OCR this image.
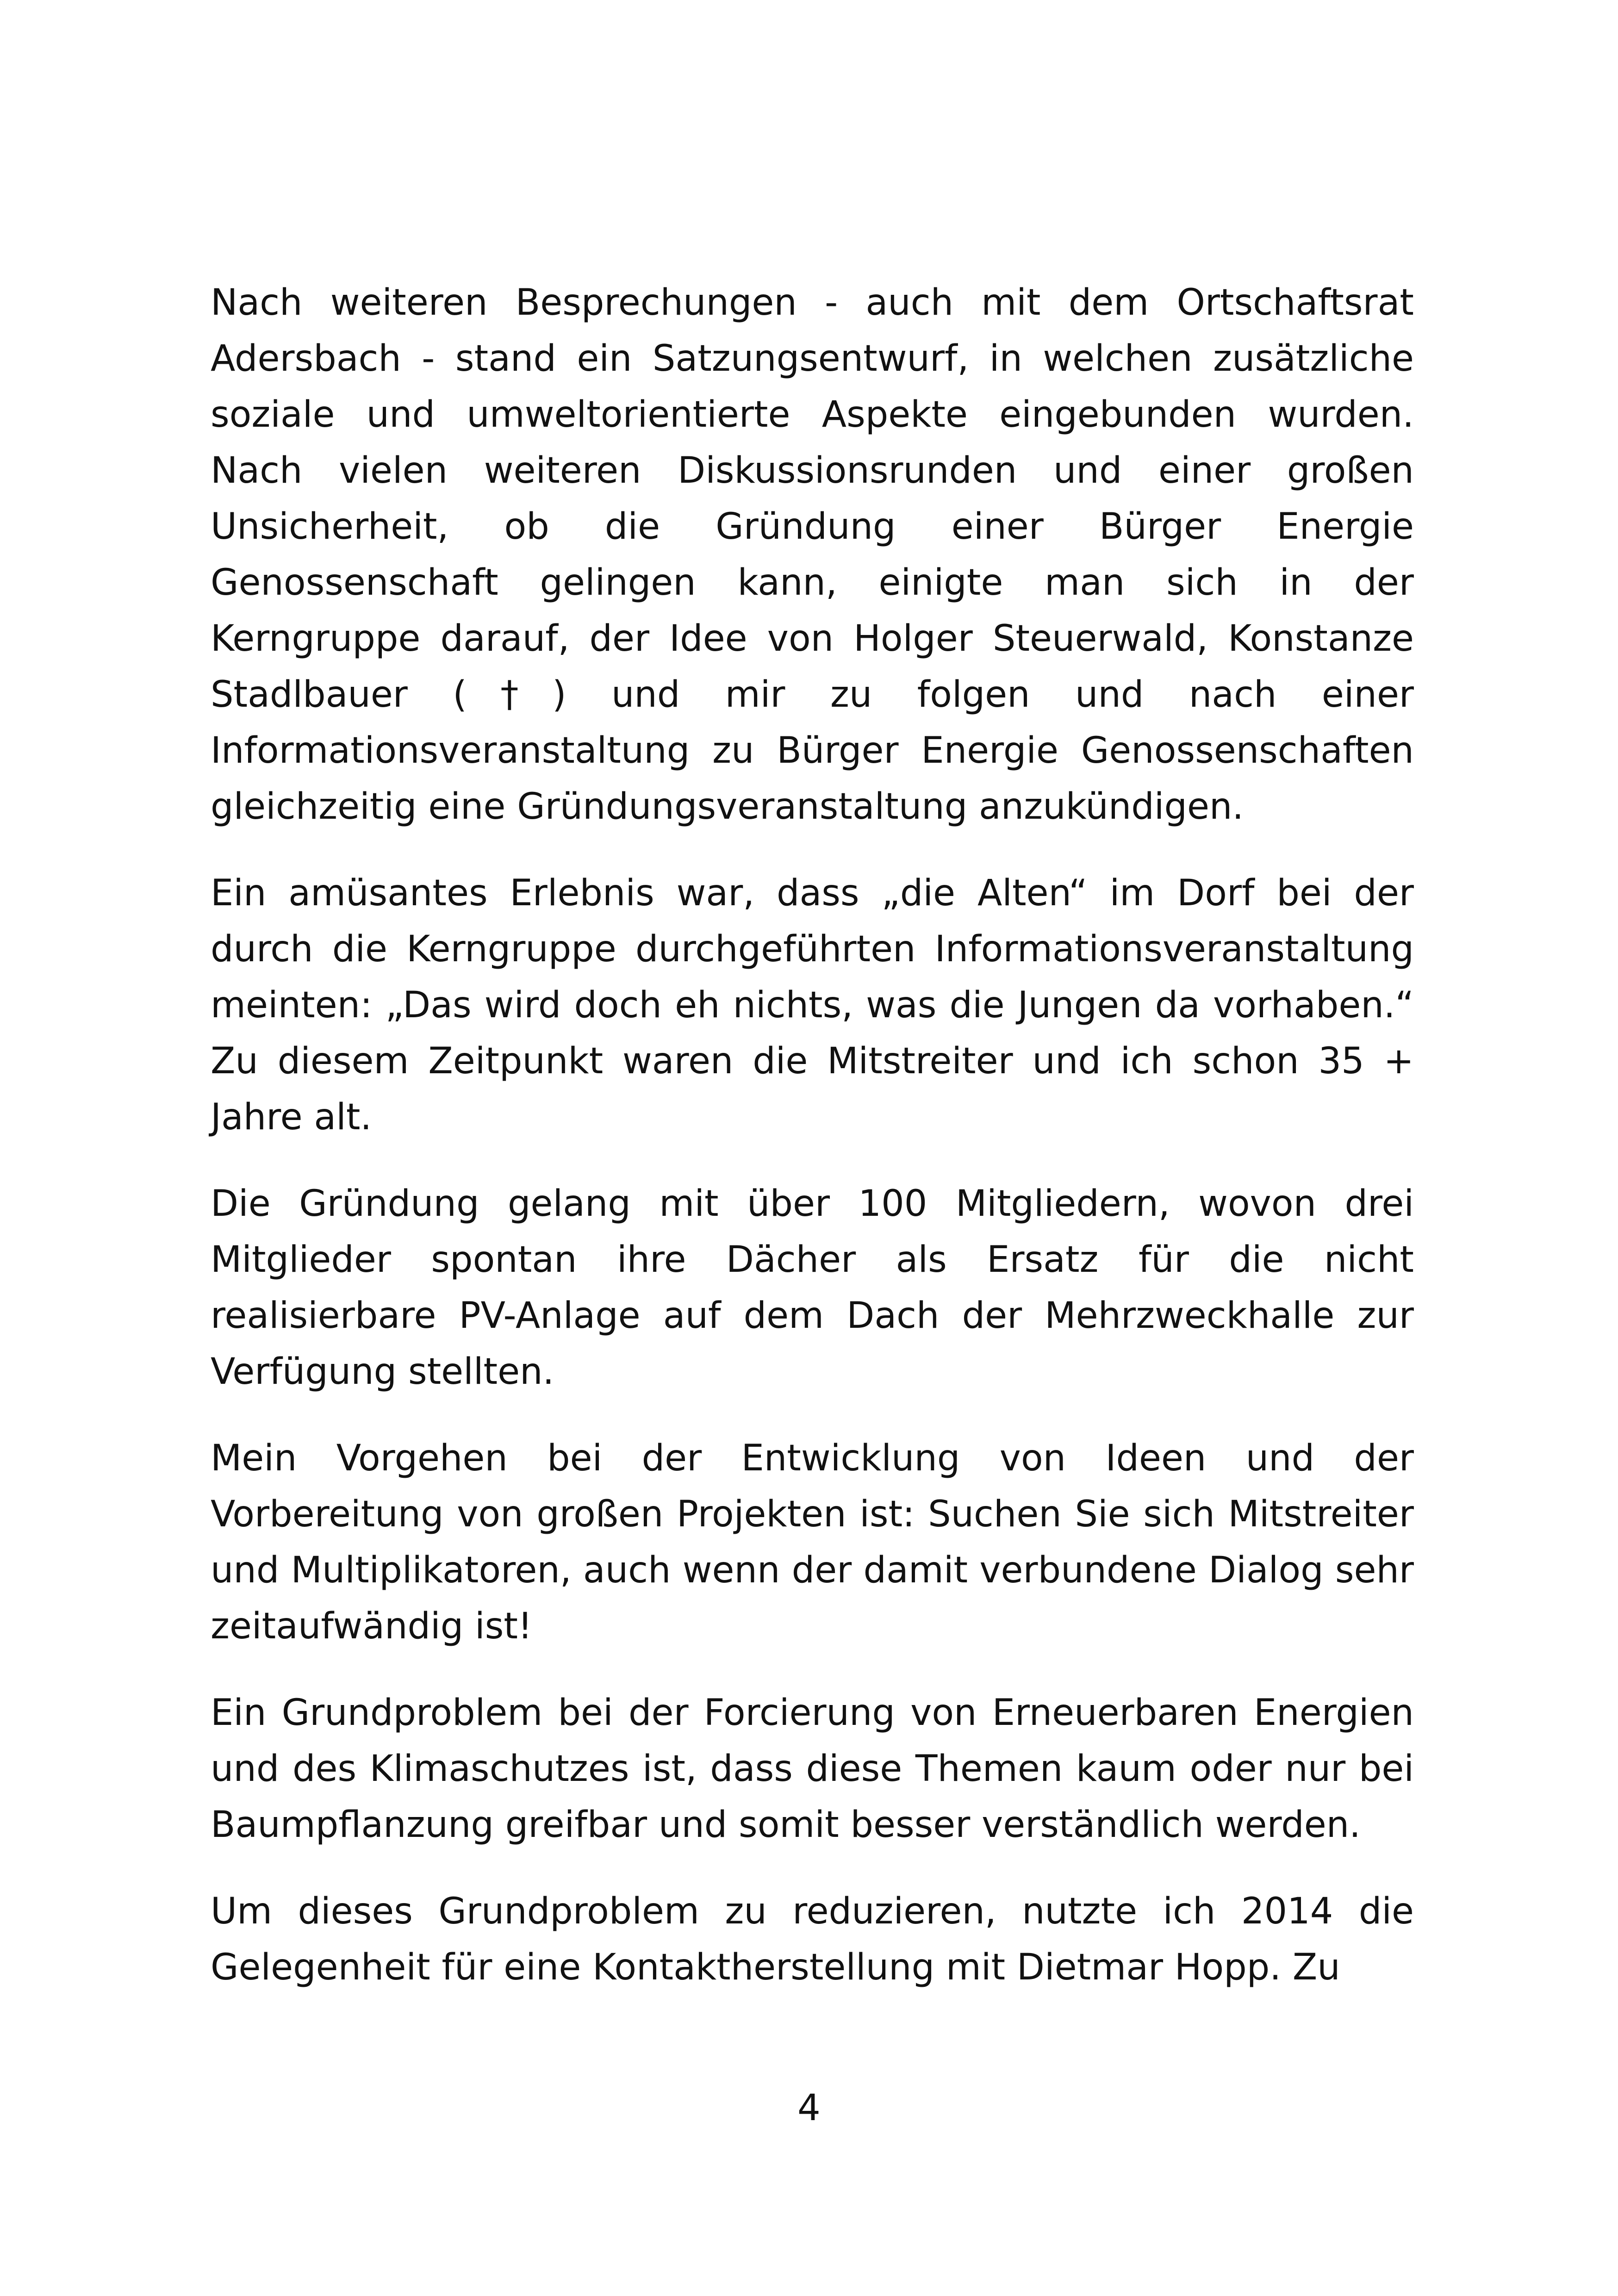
Nach weiteren Besprechungen - auch mit dem Ortschaftsrat Adersbach - stand ein Satzungsentwurf, in welchen zusätzliche soziale und umweltorientierte Aspekte eingebunden wurden. Nach vielen weiteren Diskussionsrunden und einer großen Unsicherheit, ob die Gründung einer Bürger Energie Genossenschaft gelingen kann, einigte man sich in der Kerngruppe darauf, der Idee von Holger Steuerwald, Konstanze Stadlbauer (†) und mir zu folgen und nach einer Informationsveranstaltung zu Bürger Energie Genossenschaften gleichzeitig eine Gründungsveranstaltung anzukündigen.

Ein amüsantes Erlebnis war, dass „die Alten“ im Dorf bei der durch die Kerngruppe durchgeführten Informationsveranstaltung meinten: „Das wird doch eh nichts, was die Jungen da vorhaben.“ Zu diesem Zeitpunkt waren die Mitstreiter und ich schon 35 + Jahre alt.

Die Gründung gelang mit über 100 Mitgliedern, wovon drei Mitglieder spontan ihre Dächer als Ersatz für die nicht realisierbare PV-Anlage auf dem Dach der Mehrzweckhalle zur Verfügung stellten.

Mein Vorgehen bei der Entwicklung von Ideen und der Vorbereitung von großen Projekten ist: Suchen Sie sich Mitstreiter und Multiplikatoren, auch wenn der damit verbundene Dialog sehr zeitaufwändig ist!

Ein Grundproblem bei der Forcierung von Erneuerbaren Energien und des Klimaschutzes ist, dass diese Themen kaum oder nur bei Baumpflanzung greifbar und somit besser verständlich werden.

Um dieses Grundproblem zu reduzieren, nutzte ich 2014 die Gelegenheit für eine Kontaktherstellung mit Dietmar Hopp. Zu

4
